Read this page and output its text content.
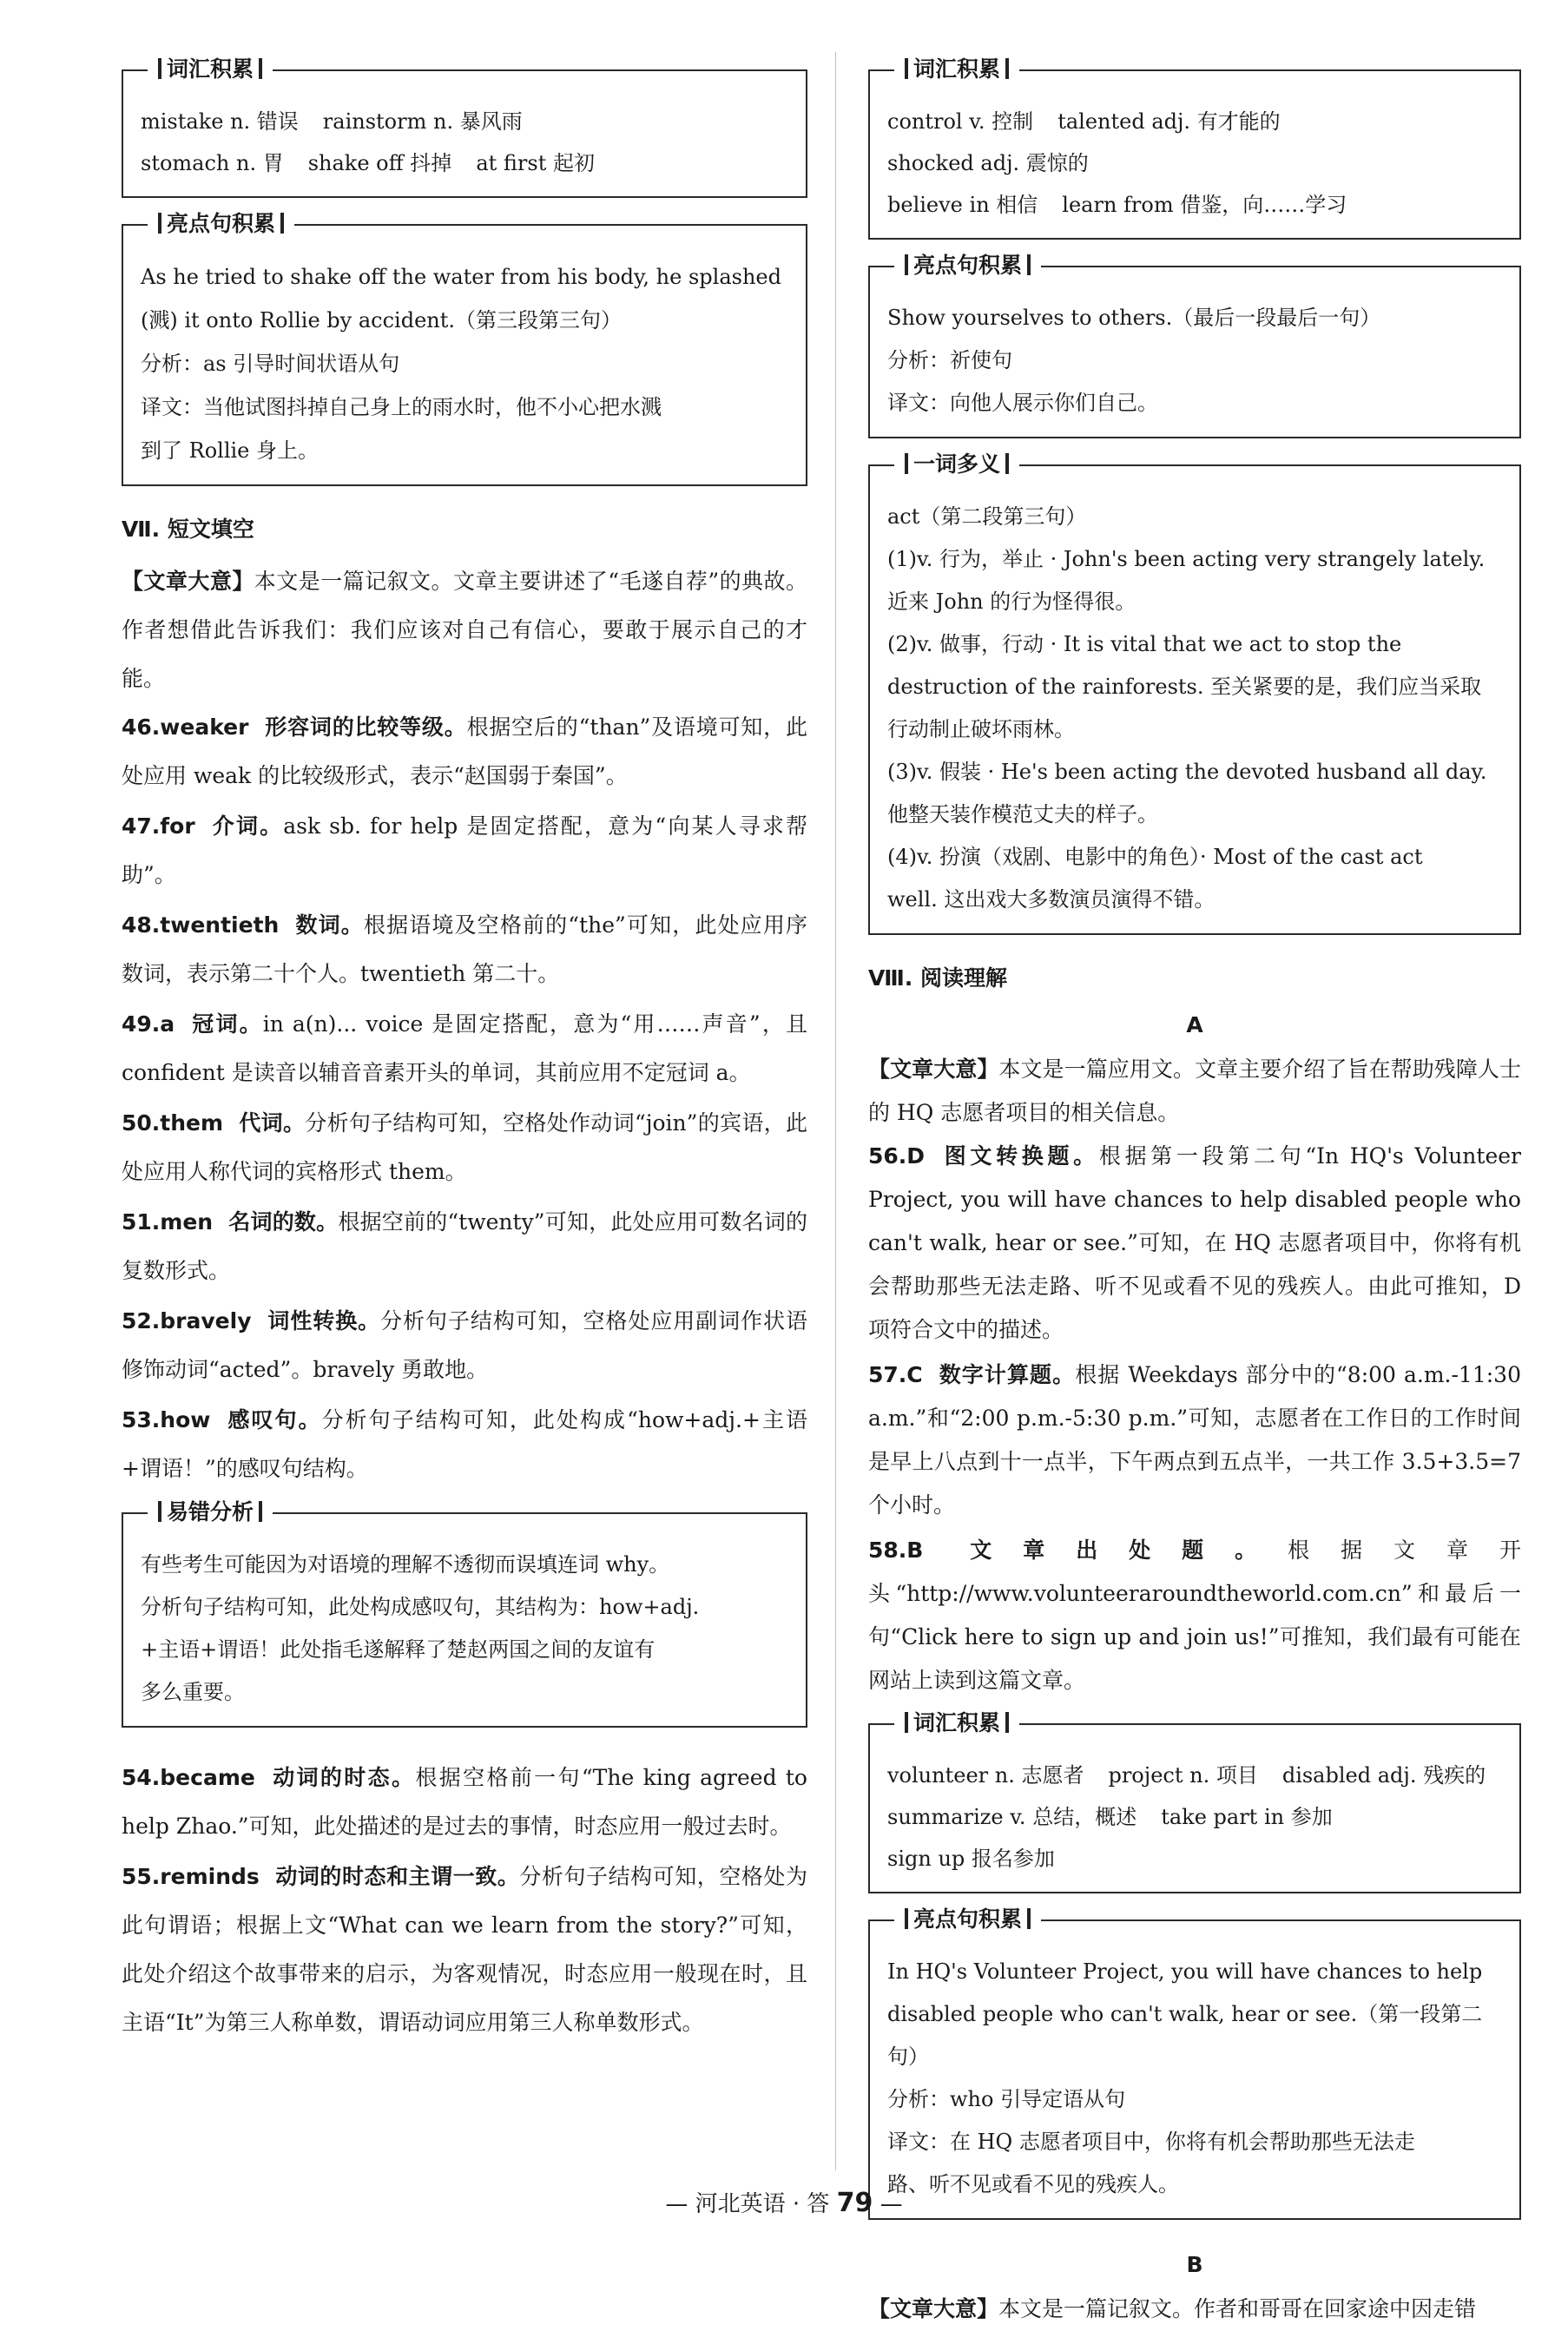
词汇积累
mistake n. 错误 rainstorm n. 暴风雨
stomach n. 胃 shake off 抖掉 at first 起初
亮点句积累

As he tried to shake off the water from his body, he splashed

(溅) it onto Rollie by accident.（第三段第三句）

分析：as 引导时间状语从句

译文：当他试图抖掉自己身上的雨水时，他不小心把水溅

到了 Rollie 身上。

Ⅶ. 短文填空

【文章大意】本文是一篇记叙文。文章主要讲述了“毛遂自荐”的典故。作者想借此告诉我们：我们应该对自己有信心，要敢于展示自己的才能。

46.weaker 形容词的比较等级。根据空后的“than”及语境可知，此处应用 weak 的比较级形式，表示“赵国弱于秦国”。

47.for 介词。ask sb. for help 是固定搭配，意为“向某人寻求帮助”。

48.twentieth 数词。根据语境及空格前的“the”可知，此处应用序数词，表示第二十个人。twentieth 第二十。

49.a 冠词。in a(n)... voice 是固定搭配，意为“用……声音”，且 confident 是读音以辅音音素开头的单词，其前应用不定冠词 a。

50.them 代词。分析句子结构可知，空格处作动词“join”的宾语，此处应用人称代词的宾格形式 them。

51.men 名词的数。根据空前的“twenty”可知，此处应用可数名词的复数形式。

52.bravely 词性转换。分析句子结构可知，空格处应用副词作状语修饰动词“acted”。bravely 勇敢地。

53.how 感叹句。分析句子结构可知，此处构成“how+adj.+主语+谓语！”的感叹句结构。

易错分析

有些考生可能因为对语境的理解不透彻而误填连词 why。

分析句子结构可知，此处构成感叹句，其结构为：how+adj.

+主语+谓语！此处指毛遂解释了楚赵两国之间的友谊有

多么重要。

54.became 动词的时态。根据空格前一句“The king agreed to help Zhao.”可知，此处描述的是过去的事情，时态应用一般过去时。

55.reminds 动词的时态和主谓一致。分析句子结构可知，空格处为此句谓语；根据上文“What can we learn from the story?”可知，此处介绍这个故事带来的启示，为客观情况，时态应用一般现在时，且主语“It”为第三人称单数，谓语动词应用第三人称单数形式。

词汇积累
control v. 控制 talented adj. 有才能的
shocked adj. 震惊的
believe in 相信 learn from 借鉴，向……学习
亮点句积累

Show yourselves to others.（最后一段最后一句）

分析：祈使句

译文：向他人展示你们自己。

一词多义

act（第二段第三句）

(1)v. 行为，举止 · John's been acting very strangely lately.

近来 John 的行为怪得很。

(2)v. 做事，行动 · It is vital that we act to stop the

destruction of the rainforests. 至关紧要的是，我们应当采取

行动制止破坏雨林。

(3)v. 假装 · He's been acting the devoted husband all day.

他整天装作模范丈夫的样子。

(4)v. 扮演（戏剧、电影中的角色）· Most of the cast act

well. 这出戏大多数演员演得不错。

Ⅷ. 阅读理解
A

【文章大意】本文是一篇应用文。文章主要介绍了旨在帮助残障人士的 HQ 志愿者项目的相关信息。

56.D 图文转换题。根据第一段第二句“In HQ's Volunteer Project, you will have chances to help disabled people who can't walk, hear or see.”可知，在 HQ 志愿者项目中，你将有机会帮助那些无法走路、听不见或看不见的残疾人。由此可推知，D 项符合文中的描述。

57.C 数字计算题。根据 Weekdays 部分中的“8:00 a.m.-11:30 a.m.”和“2:00 p.m.-5:30 p.m.”可知，志愿者在工作日的工作时间是早上八点到十一点半，下午两点到五点半，一共工作 3.5+3.5=7 个小时。

58.B 文章出处题。根据文章开头“http://www.volunteeraroundtheworld.com.cn”和最后一句“Click here to sign up and join us!”可推知，我们最有可能在网站上读到这篇文章。

词汇积累
volunteer n. 志愿者 project n. 项目 disabled adj. 残疾的
summarize v. 总结，概述 take part in 参加
sign up 报名参加
亮点句积累

In HQ's Volunteer Project, you will have chances to help

disabled people who can't walk, hear or see.（第一段第二句）

分析：who 引导定语从句

译文：在 HQ 志愿者项目中，你将有机会帮助那些无法走

路、听不见或看不见的残疾人。

B

【文章大意】本文是一篇记叙文。作者和哥哥在回家途中因走错

— 河北英语 · 答 79 —
